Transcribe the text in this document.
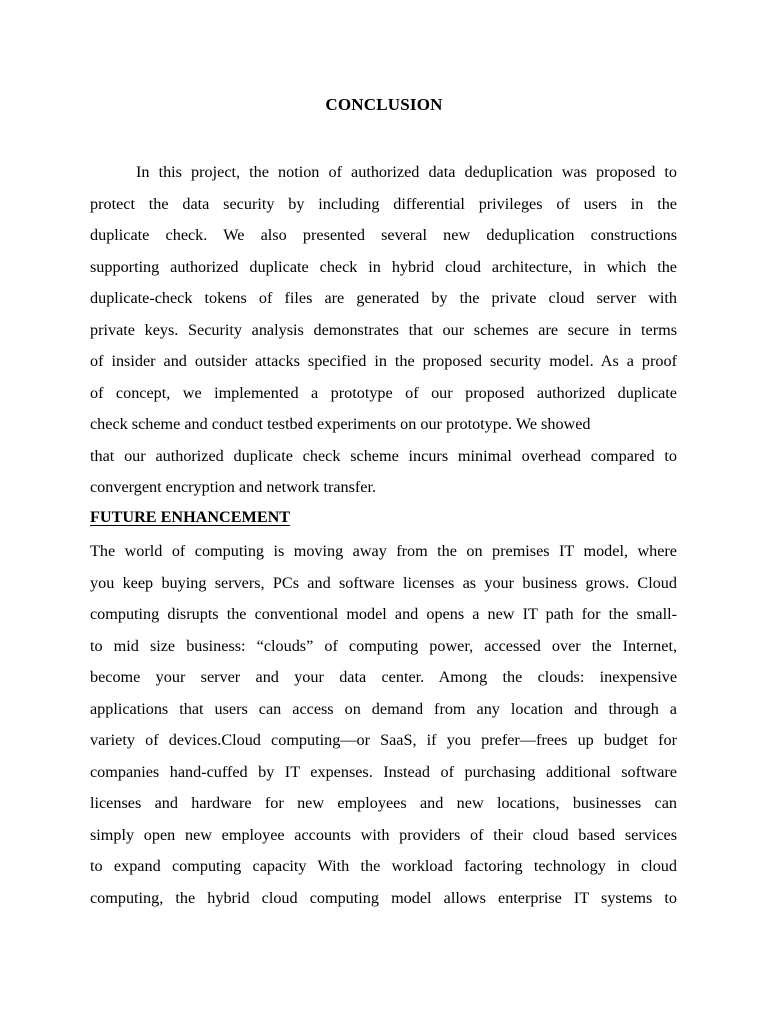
CONCLUSION
In this project, the notion of authorized data deduplication was proposed to
protect the data security by including differential privileges of users in the
duplicate check. We also presented several new deduplication constructions
supporting authorized duplicate check in hybrid cloud architecture, in which the
duplicate-check tokens of files are generated by the private cloud server with
private keys. Security analysis demonstrates that our schemes are secure in terms
of insider and outsider attacks specified in the proposed security model. As a proof
of concept, we implemented a prototype of our proposed authorized duplicate
check scheme and conduct testbed experiments on our prototype. We showed
that our authorized duplicate check scheme incurs minimal overhead compared to
convergent encryption and network transfer.
FUTURE ENHANCEMENT
The world of computing is moving away from the on premises IT model, where
you keep buying servers, PCs and software licenses as your business grows. Cloud
computing disrupts the conventional model and opens a new IT path for the small-
to mid size business: “clouds” of computing power, accessed over the Internet,
become your server and your data center. Among the clouds: inexpensive
applications that users can access on demand from any location and through a
variety of devices.Cloud computing—or SaaS, if you prefer—frees up budget for
companies hand-cuffed by IT expenses. Instead of purchasing additional software
licenses and hardware for new employees and new locations, businesses can
simply open new employee accounts with providers of their cloud based services
to expand computing capacity With the workload factoring technology in cloud
computing, the hybrid cloud computing model allows enterprise IT systems to
